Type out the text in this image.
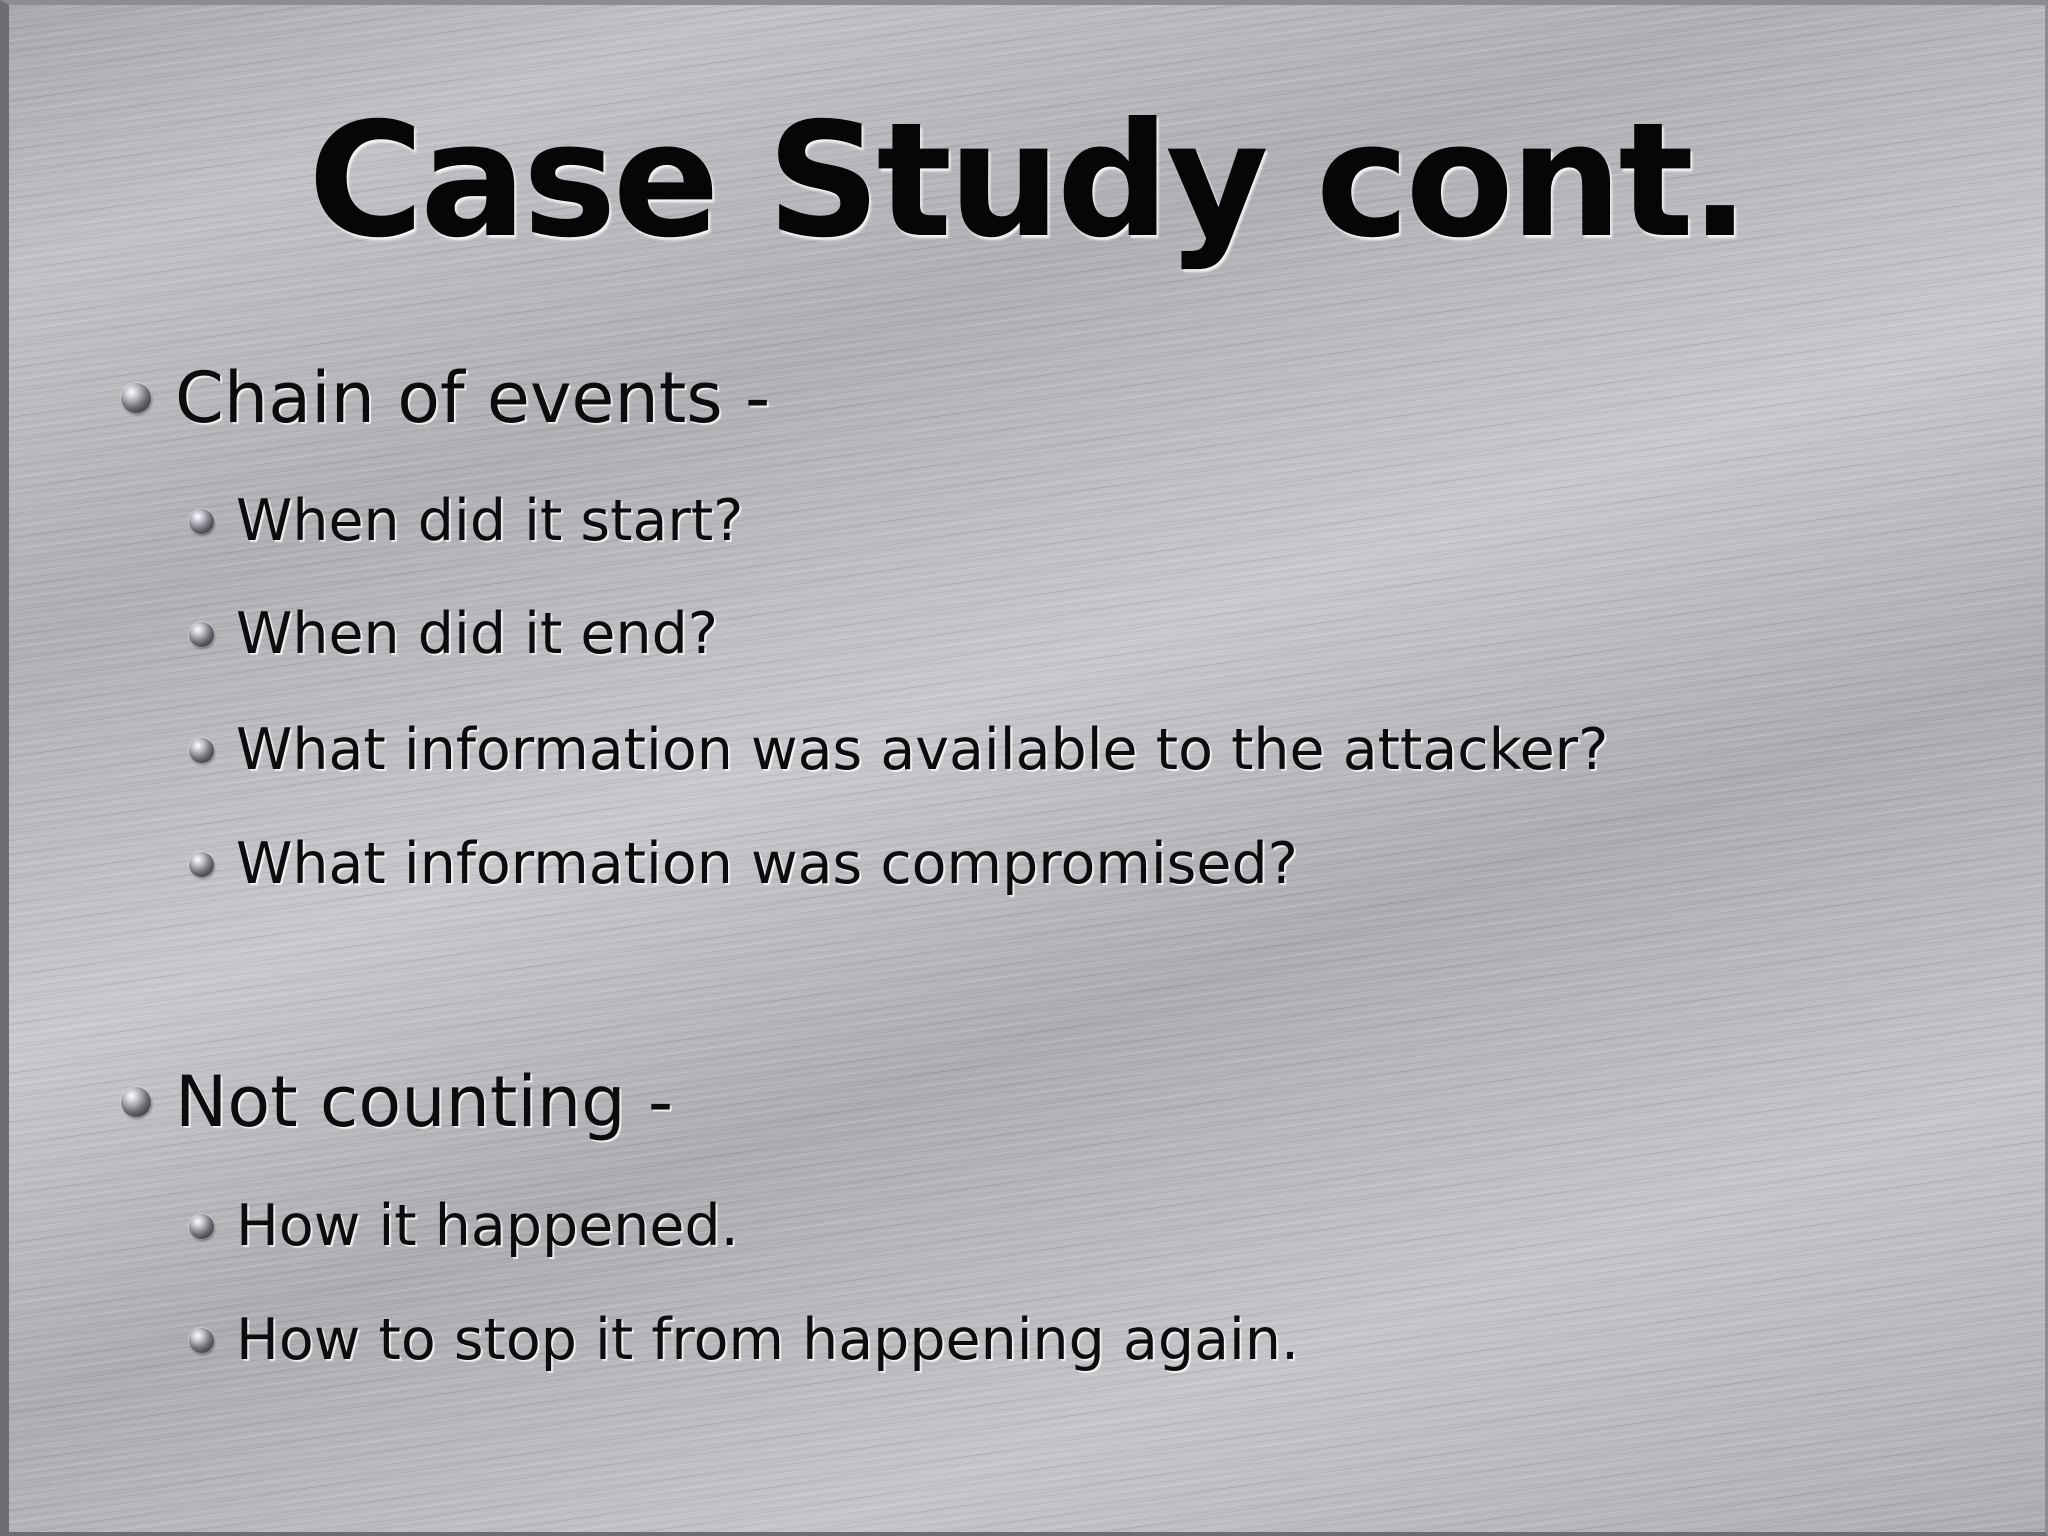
Case Study cont.
Chain of events -
When did it start?
When did it end?
What information was available to the attacker?
What information was compromised?
Not counting -
How it happened.
How to stop it from happening again.
